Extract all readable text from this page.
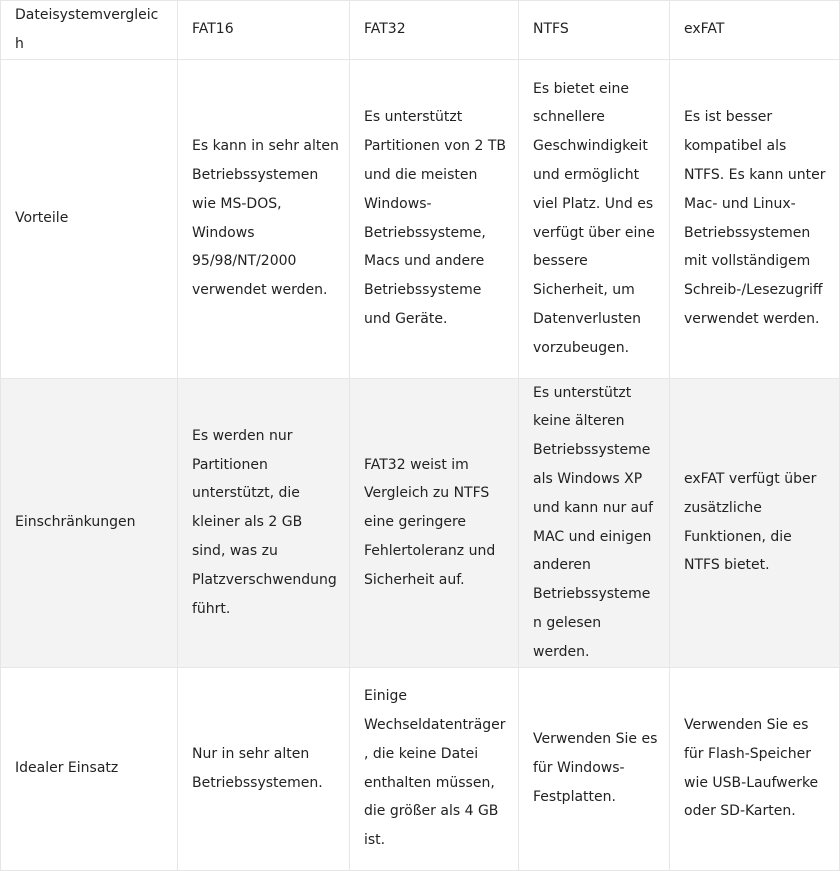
Dateisystemvergleich	FAT16	FAT32	NTFS	exFAT
Vorteile	Es kann in sehr alten Betriebssystemen wie MS-DOS, Windows 95/98/NT/2000 verwendet werden.	Es unterstützt Partitionen von 2 TB und die meisten Windows-Betriebssysteme, Macs und andere Betriebssysteme und Geräte.	Es bietet eine schnellere Geschwindigkeit und ermöglicht viel Platz. Und es verfügt über eine bessere Sicherheit, um Datenverlusten vorzubeugen.	Es ist besser kompatibel als NTFS. Es kann unter Mac- und Linux-Betriebssystemen mit vollständigem Schreib-/Lesezugriff verwendet werden.
Einschränkungen	Es werden nur Partitionen unterstützt, die kleiner als 2 GB sind, was zu Platzverschwendung führt.	FAT32 weist im Vergleich zu NTFS eine geringere Fehlertoleranz und Sicherheit auf.	Es unterstützt keine älteren Betriebssysteme als Windows XP und kann nur auf MAC und einigen anderen Betriebssystemen gelesen werden.	exFAT verfügt über zusätzliche Funktionen, die NTFS bietet.
Idealer Einsatz	Nur in sehr alten Betriebssystemen.	Einige Wechseldatenträger, die keine Datei enthalten müssen, die größer als 4 GB ist.	Verwenden Sie es für Windows-Festplatten.	Verwenden Sie es für Flash-Speicher wie USB-Laufwerke oder SD-Karten.
